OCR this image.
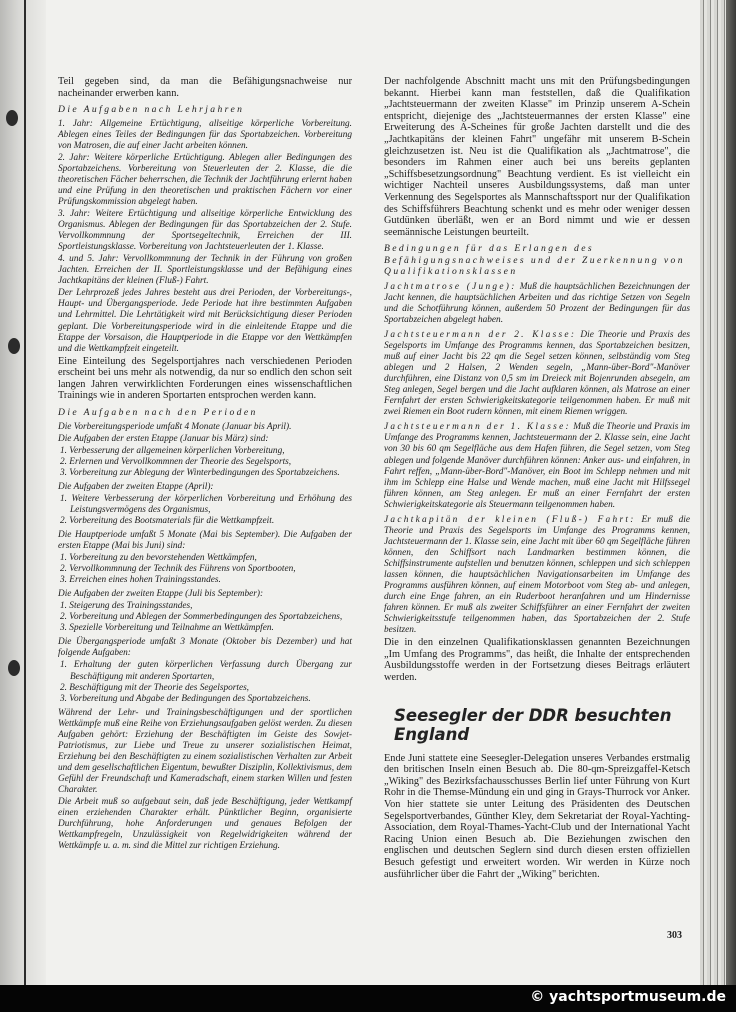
Teil gegeben sind, da man die Befähigungsnachweise nur nacheinander erwerben kann.

Die Aufgaben nach Lehrjahren

1. Jahr: Allgemeine Ertüchtigung, allseitige körperliche Vorbereitung. Ablegen eines Teiles der Bedingungen für das Sportabzeichen. Vorbereitung von Matrosen, die auf einer Jacht arbeiten können.

2. Jahr: Weitere körperliche Ertüchtigung. Ablegen aller Bedingungen des Sportabzeichens. Vorbereitung von Steuerleuten der 2. Klasse, die die theoretischen Fächer beherrschen, die Technik der Jachtführung erlernt haben und eine Prüfung in den theoretischen und praktischen Fächern vor einer Prüfungskommission abgelegt haben.

3. Jahr: Weitere Ertüchtigung und allseitige körperliche Entwicklung des Organismus. Ablegen der Bedingungen für das Sportabzeichen der 2. Stufe. Vervollkommnung der Sportsegeltechnik, Erreichen der III. Sportleistungsklasse. Vorbereitung von Jachtsteuerleuten der 1. Klasse.

4. und 5. Jahr: Vervollkommnung der Technik in der Führung von großen Jachten. Erreichen der II. Sportleistungsklasse und der Befähigung eines Jachtkapitäns der kleinen (Fluß-) Fahrt.

Der Lehrprozeß jedes Jahres besteht aus drei Perioden, der Vorbereitungs-, Haupt- und Übergangsperiode. Jede Periode hat ihre bestimmten Aufgaben und Lehrmittel. Die Lehrtätigkeit wird mit Berücksichtigung dieser Perioden geplant. Die Vorbereitungsperiode wird in die einleitende Etappe und die Etappe der Vorsaison, die Hauptperiode in die Etappe vor den Wettkämpfen und die Wettkampfzeit eingeteilt.

Eine Einteilung des Segelsportjahres nach verschiedenen Perioden erscheint bei uns mehr als notwendig, da nur so endlich den schon seit langen Jahren verwirklichten Forderungen eines wissenschaftlichen Trainings wie in anderen Sportarten entsprochen werden kann.

Die Aufgaben nach den Perioden

Die Vorbereitungsperiode umfaßt 4 Monate (Januar bis April).

Die Aufgaben der ersten Etappe (Januar bis März) sind:

1. Verbesserung der allgemeinen körperlichen Vorbereitung,
2. Erlernen und Vervollkommnen der Theorie des Segelsports,
3. Vorbereitung zur Ablegung der Winterbedingungen des Sportabzeichens.

Die Aufgaben der zweiten Etappe (April):

1. Weitere Verbesserung der körperlichen Vorbereitung und Erhöhung des Leistungsvermögens des Organismus,
2. Vorbereitung des Bootsmaterials für die Wettkampfzeit.

Die Hauptperiode umfaßt 5 Monate (Mai bis September). Die Aufgaben der ersten Etappe (Mai bis Juni) sind:

1. Vorbereitung zu den bevorstehenden Wettkämpfen,
2. Vervollkommnung der Technik des Führens von Sportbooten,
3. Erreichen eines hohen Trainingsstandes.

Die Aufgaben der zweiten Etappe (Juli bis September):

1. Steigerung des Trainingsstandes,
2. Vorbereitung und Ablegen der Sommerbedingungen des Sportabzeichens,
3. Spezielle Vorbereitung und Teilnahme an Wettkämpfen.

Die Übergangsperiode umfaßt 3 Monate (Oktober bis Dezember) und hat folgende Aufgaben:

1. Erhaltung der guten körperlichen Verfassung durch Übergang zur Beschäftigung mit anderen Sportarten,
2. Beschäftigung mit der Theorie des Segelsportes,
3. Vorbereitung und Abgabe der Bedingungen des Sportabzeichens.

Während der Lehr- und Trainingsbeschäftigungen und der sportlichen Wettkämpfe muß eine Reihe von Erziehungsaufgaben gelöst werden. Zu diesen Aufgaben gehört: Erziehung der Beschäftigten im Geiste des Sowjet-Patriotismus, zur Liebe und Treue zu unserer sozialistischen Heimat, Erziehung bei den Beschäftigten zu einem sozialistischen Verhalten zur Arbeit und dem gesellschaftlichen Eigentum, bewußter Disziplin, Kollektivismus, dem Gefühl der Freundschaft und Kameradschaft, einem starken Willen und festen Charakter.

Die Arbeit muß so aufgebaut sein, daß jede Beschäftigung, jeder Wettkampf einen erziehenden Charakter erhält. Pünktlicher Beginn, organisierte Durchführung, hohe Anforderungen und genaues Befolgen der Wettkampfregeln, Unzulässigkeit von Regelwidrigkeiten während der Wettkämpfe u. a. m. sind die Mittel zur richtigen Erziehung.

Der nachfolgende Abschnitt macht uns mit den Prüfungsbedingungen bekannt. Hierbei kann man feststellen, daß die Qualifikation „Jachtsteuermann der zweiten Klasse" im Prinzip unserem A-Schein entspricht, diejenige des „Jachtsteuermannes der ersten Klasse" eine Erweiterung des A-Scheines für große Jachten darstellt und die des „Jachtkapitäns der kleinen Fahrt" ungefähr mit unserem B-Schein gleichzusetzen ist. Neu ist die Qualifikation als „Jachtmatrose", die besonders im Rahmen einer auch bei uns bereits geplanten „Schiffsbesetzungsordnung" Beachtung verdient. Es ist vielleicht ein wichtiger Nachteil unseres Ausbildungssystems, daß man unter Verkennung des Segelsportes als Mannschaftssport nur der Qualifikation des Schiffsführers Beachtung schenkt und es mehr oder weniger dessen Gutdünken überläßt, wen er an Bord nimmt und wie er dessen seemännische Leistungen beurteilt.

Bedingungen für das Erlangen des Befähigungsnachweises und der Zuerkennung von Qualifikationsklassen

Jachtmatrose (Junge): Muß die hauptsächlichen Bezeichnungen der Jacht kennen, die hauptsächlichen Arbeiten und das richtige Setzen von Segeln und die Schotführung können, außerdem 50 Prozent der Bedingungen für das Sportabzeichen abgelegt haben.

Jachtsteuermann der 2. Klasse: Die Theorie und Praxis des Segelsports im Umfange des Programms kennen, das Sportabzeichen besitzen, muß auf einer Jacht bis 22 qm die Segel setzen können, selbständig vom Steg ablegen und 2 Halsen, 2 Wenden segeln, „Mann-über-Bord"-Manöver durchführen, eine Distanz von 0,5 sm im Dreieck mit Bojenrunden absegeln, am Steg anlegen, Segel bergen und die Jacht aufklaren können, als Matrose an einer Fernfahrt der ersten Schwierigkeitskategorie teilgenommen haben. Er muß mit zwei Riemen ein Boot rudern können, mit einem Riemen wriggen.

Jachtsteuermann der 1. Klasse: Muß die Theorie und Praxis im Umfange des Programms kennen, Jachtsteuermann der 2. Klasse sein, eine Jacht von 30 bis 60 qm Segelfläche aus dem Hafen führen, die Segel setzen, vom Steg ablegen und folgende Manöver durchführen können: Anker aus- und einfahren, in Fahrt reffen, „Mann-über-Bord"-Manöver, ein Boot im Schlepp nehmen und mit ihm im Schlepp eine Halse und Wende machen, muß eine Jacht mit Hilfssegel führen können, am Steg anlegen. Er muß an einer Fernfahrt der ersten Schwierigkeitskategorie als Steuermann teilgenommen haben.

Jachtkapitän der kleinen (Fluß-) Fahrt: Er muß die Theorie und Praxis des Segelsports im Umfange des Programms kennen, Jachtsteuermann der 1. Klasse sein, eine Jacht mit über 60 qm Segelfläche führen können, den Schiffsort nach Landmarken bestimmen können, die Schiffsinstrumente aufstellen und benutzen können, schleppen und sich schleppen lassen können, die hauptsächlichen Navigationsarbeiten im Umfange des Programms ausführen können, auf einem Motorboot vom Steg ab- und anlegen, durch eine Enge fahren, an ein Ruderboot heranfahren und um Hindernisse fahren können. Er muß als zweiter Schiffsführer an einer Fernfahrt der zweiten Schwierigkeitsstufe teilgenommen haben, das Sportabzeichen der 2. Stufe besitzen.

Die in den einzelnen Qualifikationsklassen genannten Bezeichnungen „Im Umfang des Programms", das heißt, die Inhalte der entsprechenden Ausbildungsstoffe werden in der Fortsetzung dieses Beitrags erläutert werden.

Seesegler der DDR besuchten England

Ende Juni stattete eine Seesegler-Delegation unseres Verbandes erstmalig den britischen Inseln einen Besuch ab. Die 80-qm-Spreizgaffel-Ketsch „Wiking" des Bezirksfachausschusses Berlin lief unter Führung von Kurt Rohr in die Themse-Mündung ein und ging in Grays-Thurrock vor Anker. Von hier stattete sie unter Leitung des Präsidenten des Deutschen Segelsportverbandes, Günther Kley, dem Sekretariat der Royal-Yachting-Association, dem Royal-Thames-Yacht-Club und der International Yacht Racing Union einen Besuch ab. Die Beziehungen zwischen den englischen und deutschen Seglern sind durch diesen ersten offiziellen Besuch gefestigt und erweitert worden. Wir werden in Kürze noch ausführlicher über die Fahrt der „Wiking" berichten.

303
© yachtsportmuseum.de
